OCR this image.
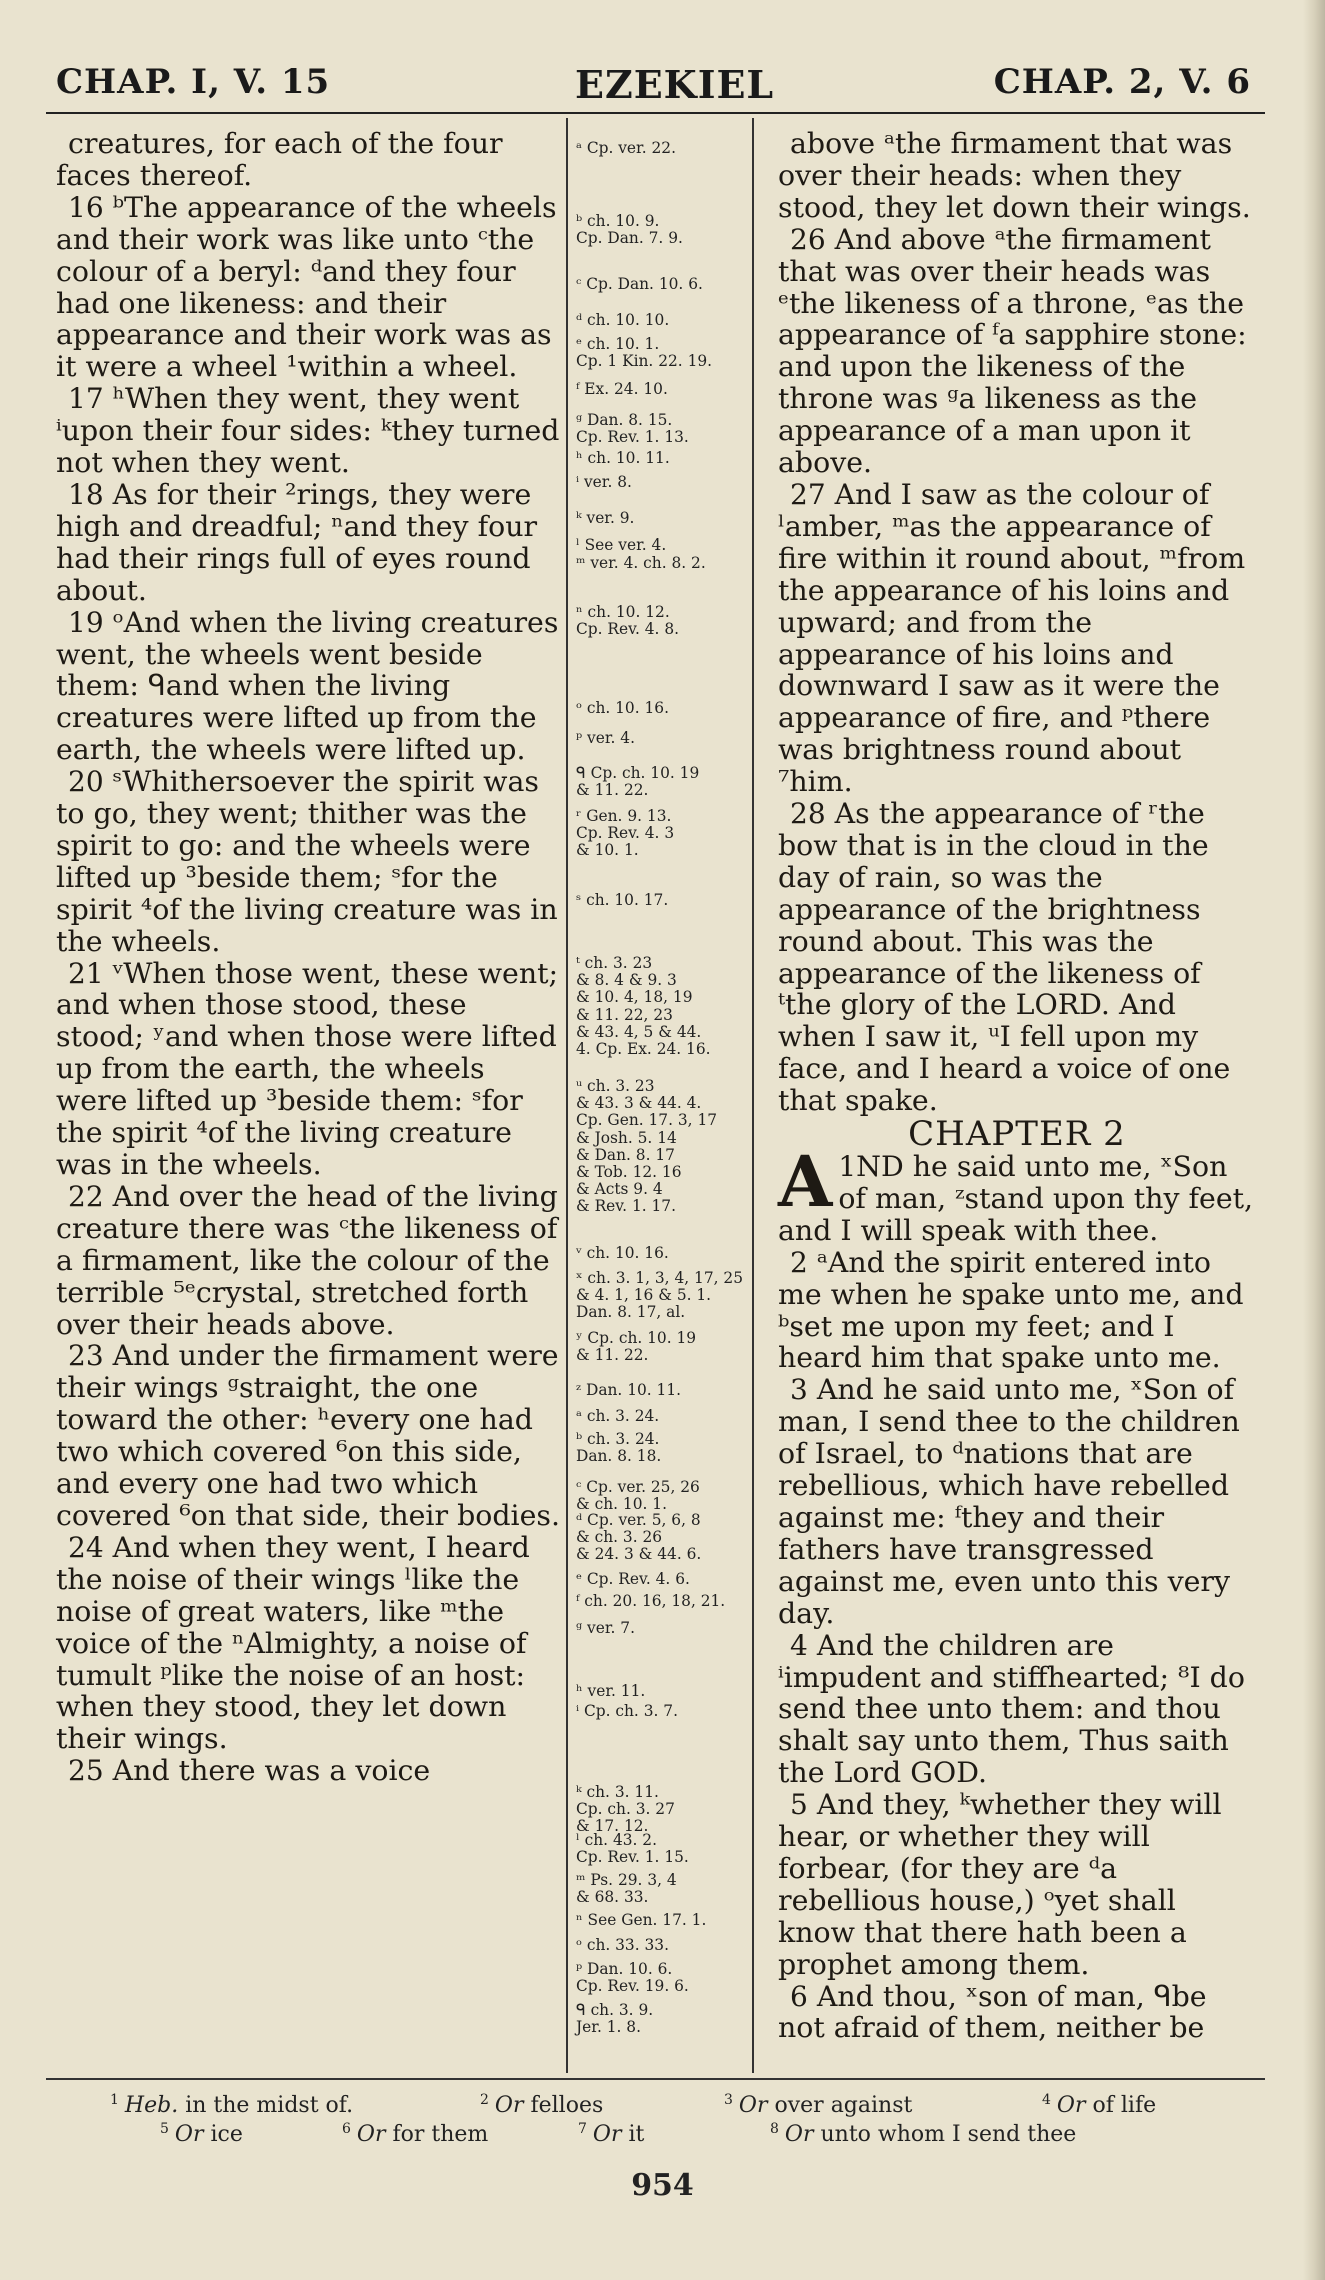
CHAP. I, V. 15	EZEKIEL	CHAP. 2, V. 6

creatures, for each of the four faces thereof.

16 ᵇThe appearance of the wheels and their work was like unto ᶜthe colour of a beryl: ᵈand they four had one likeness: and their appearance and their work was as it were a wheel ¹within a wheel.

17 ʰWhen they went, they went ⁱupon their four sides: ᵏthey turned not when they went.

18 As for their ²rings, they were high and dreadful; ⁿand they four had their rings full of eyes round about.

19 ᵒAnd when the living creatures went, the wheels went beside them: ᑫand when the living creatures were lifted up from the earth, the wheels were lifted up.

20 ˢWhithersoever the spirit was to go, they went; thither was the spirit to go: and the wheels were lifted up ³beside them; ˢfor the spirit ⁴of the living creature was in the wheels.

21 ᵛWhen those went, these went; and when those stood, these stood; ʸand when those were lifted up from the earth, the wheels were lifted up ³beside them: ˢfor the spirit ⁴of the living creature was in the wheels.

22 And over the head of the living creature there was ᶜthe likeness of a firmament, like the colour of the terrible ⁵ᵉcrystal, stretched forth over their heads above.

23 And under the firmament were their wings ᵍstraight, the one toward the other: ʰevery one had two which covered ⁶on this side, and every one had two which covered ⁶on that side, their bodies.

24 And when they went, I heard the noise of their wings ˡlike the noise of great waters, like ᵐthe voice of the ⁿAlmighty, a noise of tumult ᵖlike the noise of an host: when they stood, they let down their wings.

25 And there was a voice

ᵃ Cp. ver. 22.
ᵇ ch. 10. 9.
Cp. Dan. 7. 9.
ᶜ Cp. Dan. 10. 6.
ᵈ ch. 10. 10.
ᵉ ch. 10. 1.
Cp. 1 Kin. 22. 19.
ᶠ Ex. 24. 10.
ᵍ Dan. 8. 15.
Cp. Rev. 1. 13.
ʰ ch. 10. 11.
ⁱ ver. 8.
ᵏ ver. 9.
ˡ See ver. 4.
ᵐ ver. 4. ch. 8. 2.
ⁿ ch. 10. 12.
Cp. Rev. 4. 8.
ᵒ ch. 10. 16.
ᵖ ver. 4.
ᑫ Cp. ch. 10. 19
& 11. 22.
ʳ Gen. 9. 13.
Cp. Rev. 4. 3
& 10. 1.
ˢ ch. 10. 17.
ᵗ ch. 3. 23
& 8. 4 & 9. 3
& 10. 4, 18, 19
& 11. 22, 23
& 43. 4, 5 & 44.
4. Cp. Ex. 24. 16.
ᵘ ch. 3. 23
& 43. 3 & 44. 4.
Cp. Gen. 17. 3, 17
& Josh. 5. 14
& Dan. 8. 17
& Tob. 12. 16
& Acts 9. 4
& Rev. 1. 17.
ᵛ ch. 10. 16.
ˣ ch. 3. 1, 3, 4, 17, 25
& 4. 1, 16 & 5. 1.
Dan. 8. 17, al.
ʸ Cp. ch. 10. 19
& 11. 22.
ᶻ Dan. 10. 11.
ᵃ ch. 3. 24.
ᵇ ch. 3. 24.
Dan. 8. 18.
ᶜ Cp. ver. 25, 26
& ch. 10. 1.
ᵈ Cp. ver. 5, 6, 8
& ch. 3. 26
& 24. 3 & 44. 6.
ᵉ Cp. Rev. 4. 6.
ᶠ ch. 20. 16, 18, 21.
ᵍ ver. 7.
ʰ ver. 11.
ⁱ Cp. ch. 3. 7.
ᵏ ch. 3. 11.
Cp. ch. 3. 27
& 17. 12.
ˡ ch. 43. 2.
Cp. Rev. 1. 15.
ᵐ Ps. 29. 3, 4
& 68. 33.
ⁿ See Gen. 17. 1.
ᵒ ch. 33. 33.
ᵖ Dan. 10. 6.
Cp. Rev. 19. 6.
ᑫ ch. 3. 9.
Jer. 1. 8.

above ᵃthe firmament that was over their heads: when they stood, they let down their wings.

26 And above ᵃthe firmament that was over their heads was ᵉthe likeness of a throne, ᵉas the appearance of ᶠa sapphire stone: and upon the likeness of the throne was ᵍa likeness as the appearance of a man upon it above.

27 And I saw as the colour of ˡamber, ᵐas the appearance of fire within it round about, ᵐfrom the appearance of his loins and upward; and from the appearance of his loins and downward I saw as it were the appearance of fire, and ᵖthere was brightness round about ⁷him.

28 As the appearance of ʳthe bow that is in the cloud in the day of rain, so was the appearance of the brightness round about. This was the appearance of the likeness of ᵗthe glory of the LORD. And when I saw it, ᵘI fell upon my face, and I heard a voice of one that spake.

CHAPTER 2

1
A ND he said unto me, ˣSon of man, ᶻstand upon thy feet, and I will speak with thee.

2 ᵃAnd the spirit entered into me when he spake unto me, and ᵇset me upon my feet; and I heard him that spake unto me.

3 And he said unto me, ˣSon of man, I send thee to the children of Israel, to ᵈnations that are rebellious, which have rebelled against me: ᶠthey and their fathers have transgressed against me, even unto this very day.

4 And the children are ⁱimpudent and stiffhearted; ⁸I do send thee unto them: and thou shalt say unto them, Thus saith the Lord GOD.

5 And they, ᵏwhether they will hear, or whether they will forbear, (for they are ᵈa rebellious house,) ᵒyet shall know that there hath been a prophet among them.

6 And thou, ˣson of man, ᑫbe not afraid of them, neither be

$^1$ Heb. in the midst of.	$^2$ Or felloes	$^3$ Or over against	$^4$ Or of life
$^5$ Or ice	$^6$ Or for them	$^7$ Or it	$^8$ Or unto whom I send thee
954
